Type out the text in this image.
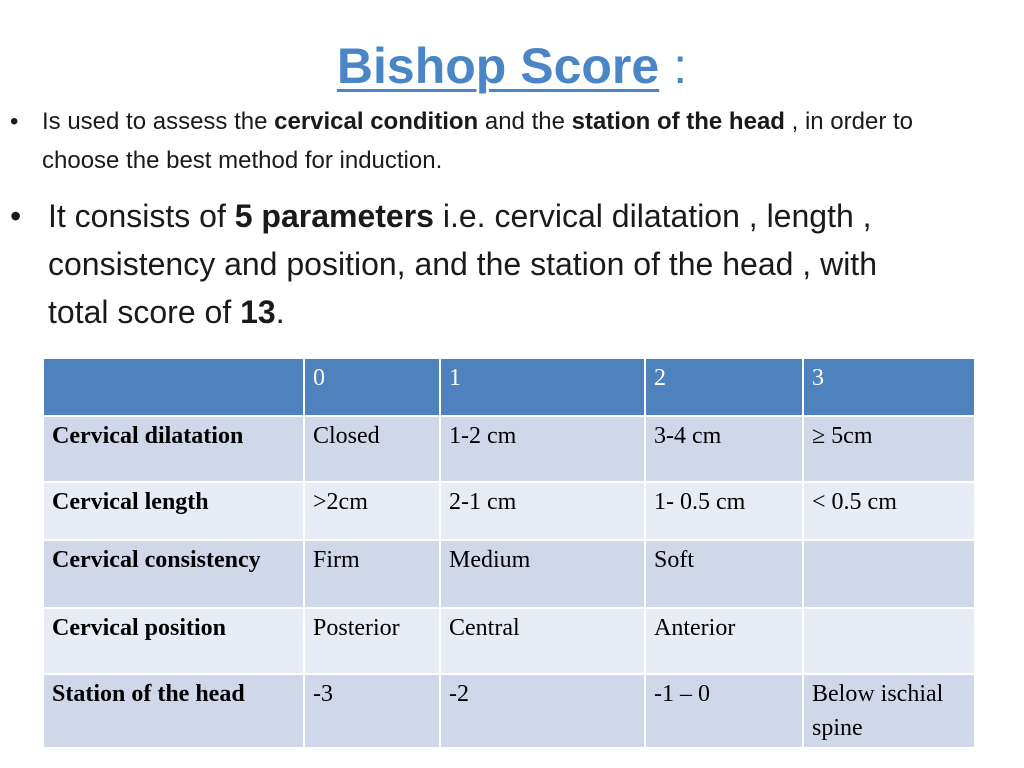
Bishop Score :
• Is used to assess the cervical condition and the station of the head , in order to choose the best method for induction.
• It consists of 5 parameters i.e. cervical dilatation , length , consistency and position, and the station of the head , with total score of 13.
	0	1	2	3
Cervical dilatation	Closed	1-2 cm	3-4 cm	≥ 5cm
Cervical length	>2cm	2-1 cm	1- 0.5 cm	< 0.5 cm
Cervical consistency	Firm	Medium	Soft	
Cervical position	Posterior	Central	Anterior	
Station of the head	-3	-2	-1 – 0	Below ischial spine
